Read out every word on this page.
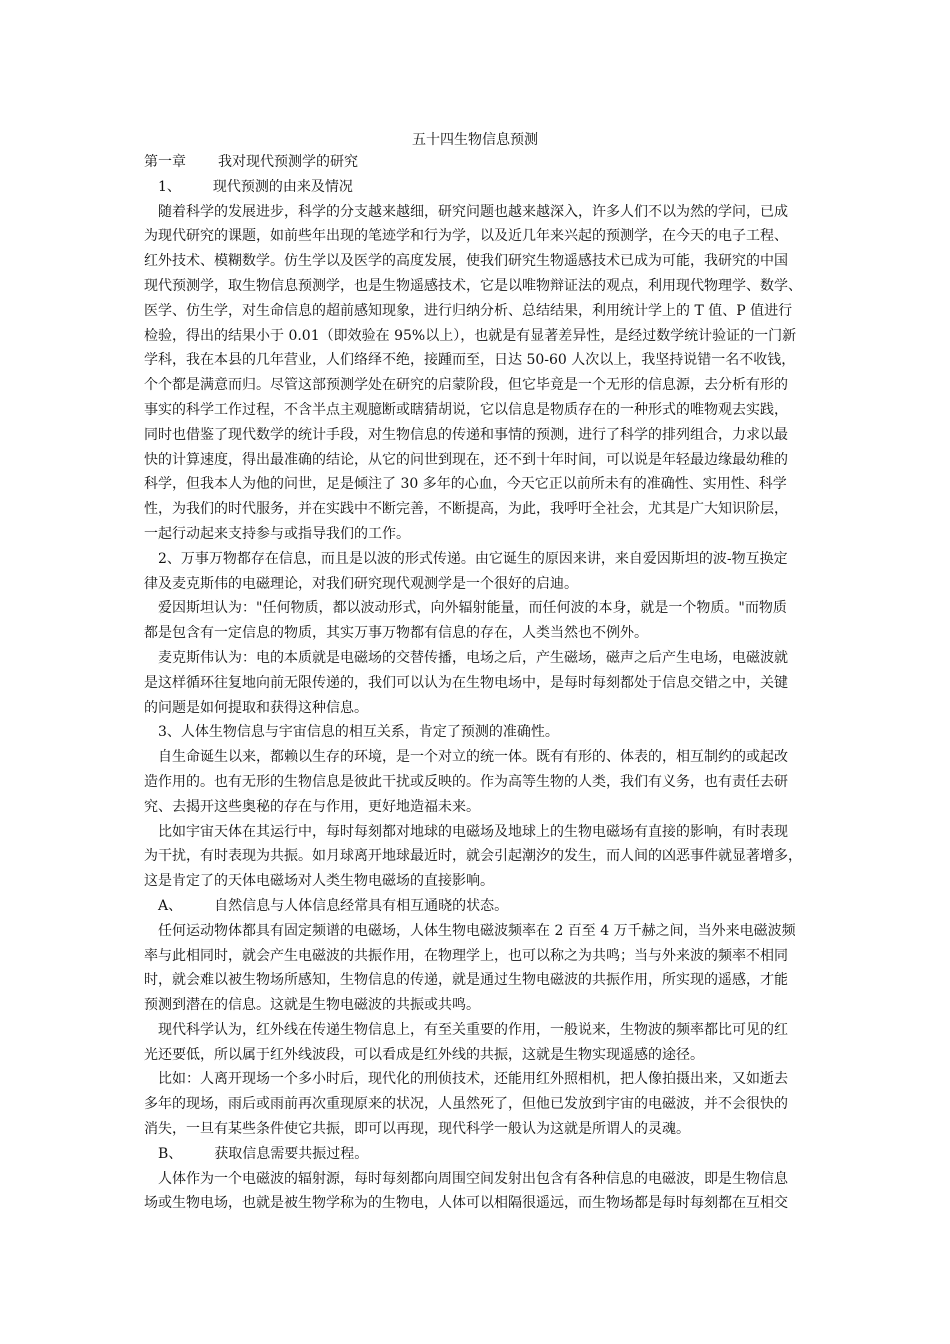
五十四生物信息预测
第一章 我对现代预测学的研究
1、 现代预测的由来及情况
随着科学的发展进步，科学的分支越来越细，研究问题也越来越深入，许多人们不以为然的学问，已成
为现代研究的课题，如前些年出现的笔迹学和行为学，以及近几年来兴起的预测学，在今天的电子工程、
红外技术、模糊数学。仿生学以及医学的高度发展，使我们研究生物遥感技术已成为可能，我研究的中国
现代预测学，取生物信息预测学，也是生物遥感技术，它是以唯物辩证法的观点，利用现代物理学、数学、
医学、仿生学，对生命信息的超前感知现象，进行归纳分析、总结结果，利用统计学上的 T 值、P 值进行
检验，得出的结果小于 0.01（即效验在 95%以上），也就是有显著差异性，是经过数学统计验证的一门新
学科，我在本县的几年营业，人们络绎不绝，接踵而至，日达 50-60 人次以上，我坚持说错一名不收钱，
个个都是满意而归。尽管这部预测学处在研究的启蒙阶段，但它毕竟是一个无形的信息源，去分析有形的
事实的科学工作过程，不含半点主观臆断或瞎猜胡说，它以信息是物质存在的一种形式的唯物观去实践，
同时也借鉴了现代数学的统计手段，对生物信息的传递和事情的预测，进行了科学的排列组合，力求以最
快的计算速度，得出最准确的结论，从它的问世到现在，还不到十年时间，可以说是年轻最边缘最幼稚的
科学，但我本人为他的问世，足是倾注了 30 多年的心血，今天它正以前所未有的准确性、实用性、科学
性，为我们的时代服务，并在实践中不断完善，不断提高，为此，我呼吁全社会，尤其是广大知识阶层，
一起行动起来支持参与或指导我们的工作。
2、万事万物都存在信息，而且是以波的形式传递。由它诞生的原因来讲，来自爱因斯坦的波-物互换定
律及麦克斯伟的电磁理论，对我们研究现代观测学是一个很好的启迪。
爱因斯坦认为："任何物质，都以波动形式，向外辐射能量，而任何波的本身，就是一个物质。"而物质
都是包含有一定信息的物质，其实万事万物都有信息的存在，人类当然也不例外。
麦克斯伟认为：电的本质就是电磁场的交替传播，电场之后，产生磁场，磁声之后产生电场，电磁波就
是这样循环往复地向前无限传递的，我们可以认为在生物电场中，是每时每刻都处于信息交错之中，关键
的问题是如何提取和获得这种信息。
3、人体生物信息与宇宙信息的相互关系，肯定了预测的准确性。
自生命诞生以来，都赖以生存的环境，是一个对立的统一体。既有有形的、体表的，相互制约的或起改
造作用的。也有无形的生物信息是彼此干扰或反映的。作为高等生物的人类，我们有义务，也有责任去研
究、去揭开这些奥秘的存在与作用，更好地造福未来。
比如宇宙天体在其运行中，每时每刻都对地球的电磁场及地球上的生物电磁场有直接的影响，有时表现
为干扰，有时表现为共振。如月球离开地球最近时，就会引起潮汐的发生，而人间的凶恶事件就显著增多，
这是肯定了的天体电磁场对人类生物电磁场的直接影响。
A、 自然信息与人体信息经常具有相互通晓的状态。
任何运动物体都具有固定频谱的电磁场，人体生物电磁波频率在 2 百至 4 万千赫之间，当外来电磁波频
率与此相同时，就会产生电磁波的共振作用，在物理学上，也可以称之为共鸣；当与外来波的频率不相同
时，就会难以被生物场所感知，生物信息的传递，就是通过生物电磁波的共振作用，所实现的遥感，才能
预测到潜在的信息。这就是生物电磁波的共振或共鸣。
现代科学认为，红外线在传递生物信息上，有至关重要的作用，一般说来，生物波的频率都比可见的红
光还要低，所以属于红外线波段，可以看成是红外线的共振，这就是生物实现遥感的途径。
比如：人离开现场一个多小时后，现代化的刑侦技术，还能用红外照相机，把人像拍摄出来，又如逝去
多年的现场，雨后或雨前再次重现原来的状况，人虽然死了，但他已发放到宇宙的电磁波，并不会很快的
消失，一旦有某些条件使它共振，即可以再现，现代科学一般认为这就是所谓人的灵魂。
B、 获取信息需要共振过程。
人体作为一个电磁波的辐射源，每时每刻都向周围空间发射出包含有各种信息的电磁波，即是生物信息
场或生物电场，也就是被生物学称为的生物电，人体可以相隔很遥远，而生物场都是每时每刻都在互相交
